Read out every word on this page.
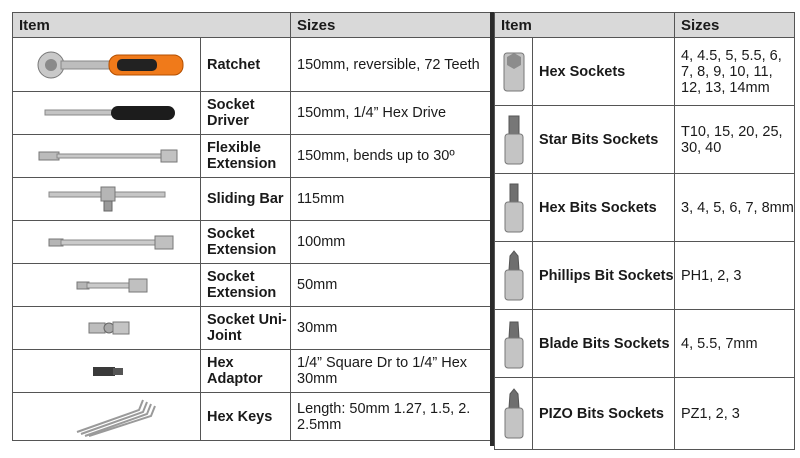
Item		Sizes

	Ratchet	150mm, reversible, 72 Teeth

	Socket Driver	150mm, 1/4” Hex Drive

	Flexible Extension	150mm, bends up to 30º

	Sliding Bar	115mm

	Socket Extension	100mm

	Socket Extension	50mm

	Socket Uni-Joint	30mm

	Hex Adaptor	1/4” Square Dr to 1/4” Hex 30mm

	Hex Keys	Length: 50mm 1.27, 1.5, 2. 2.5mm
Item		Sizes

	Hex Sockets	4, 4.5, 5, 5.5, 6, 7, 8, 9, 10, 11, 12, 13, 14mm

	Star Bits Sockets	T10, 15, 20, 25, 30, 40

	Hex Bits Sockets	3, 4, 5, 6, 7, 8mm

	Phillips Bit Sockets	PH1, 2, 3

	Blade Bits Sockets	4, 5.5, 7mm

	PIZO Bits Sockets	PZ1, 2, 3
